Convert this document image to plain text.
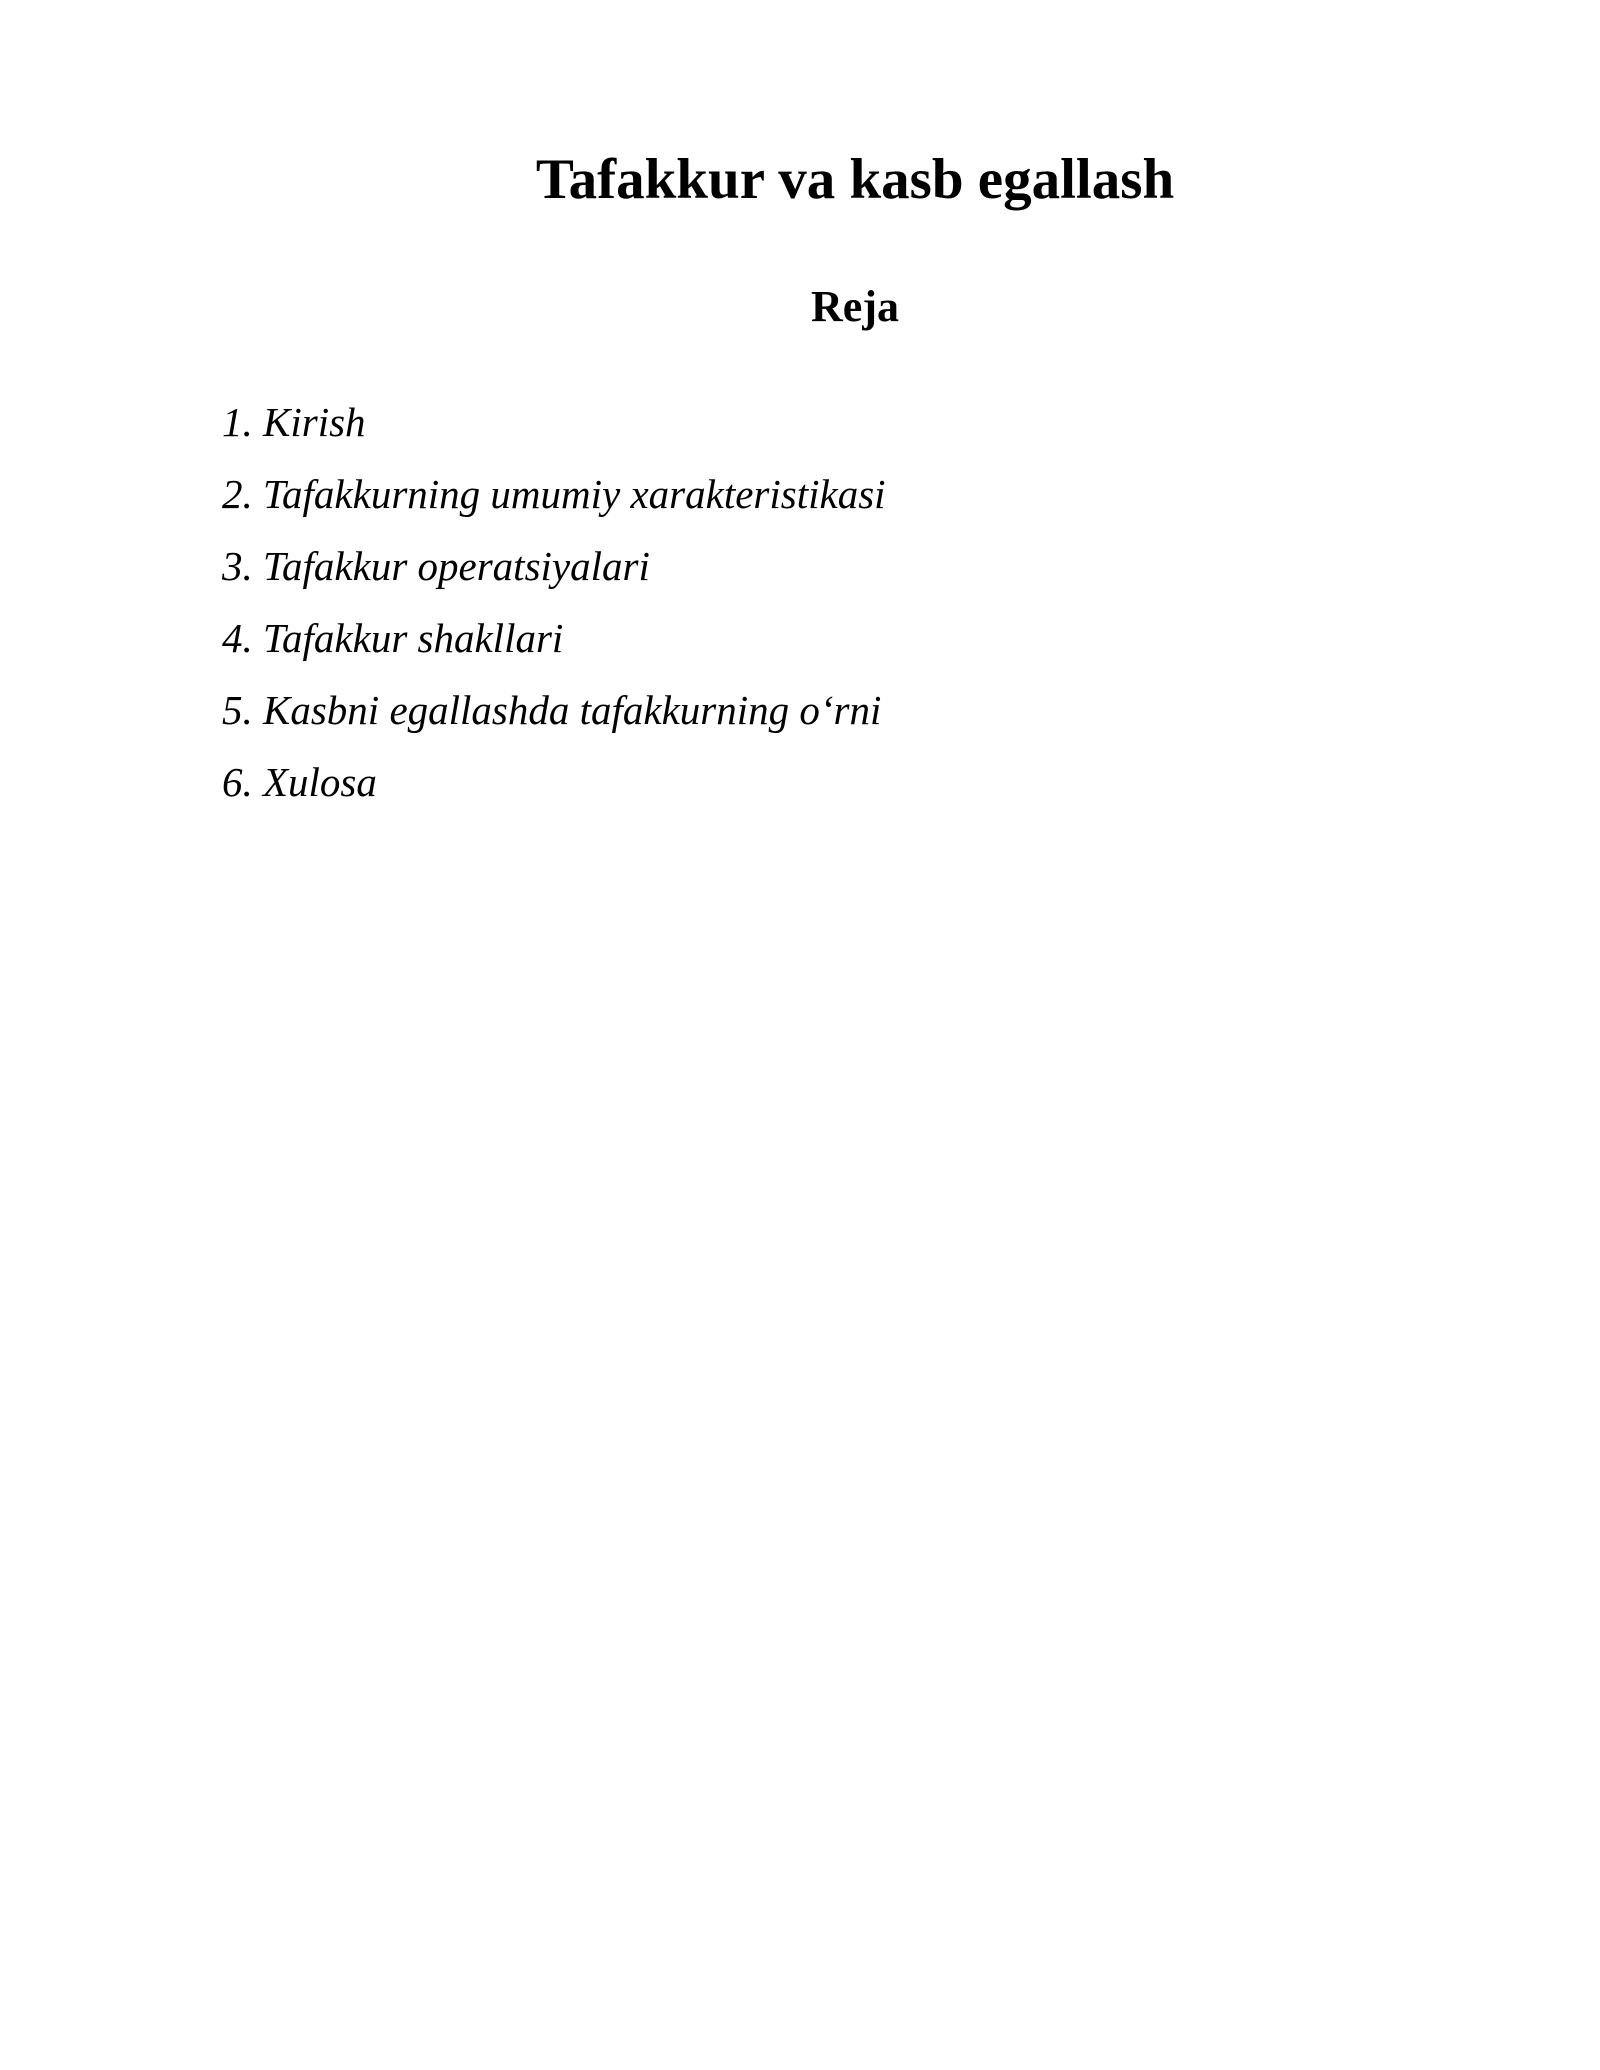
Tafakkur va kasb egallash
Reja
1. Kirish
2. Tafakkurning umumiy xarakteristikasi
3. Tafakkur operatsiyalari
4. Tafakkur shakllari
5. Kasbni egallashda tafakkurning o‘rni
6. Xulosa
